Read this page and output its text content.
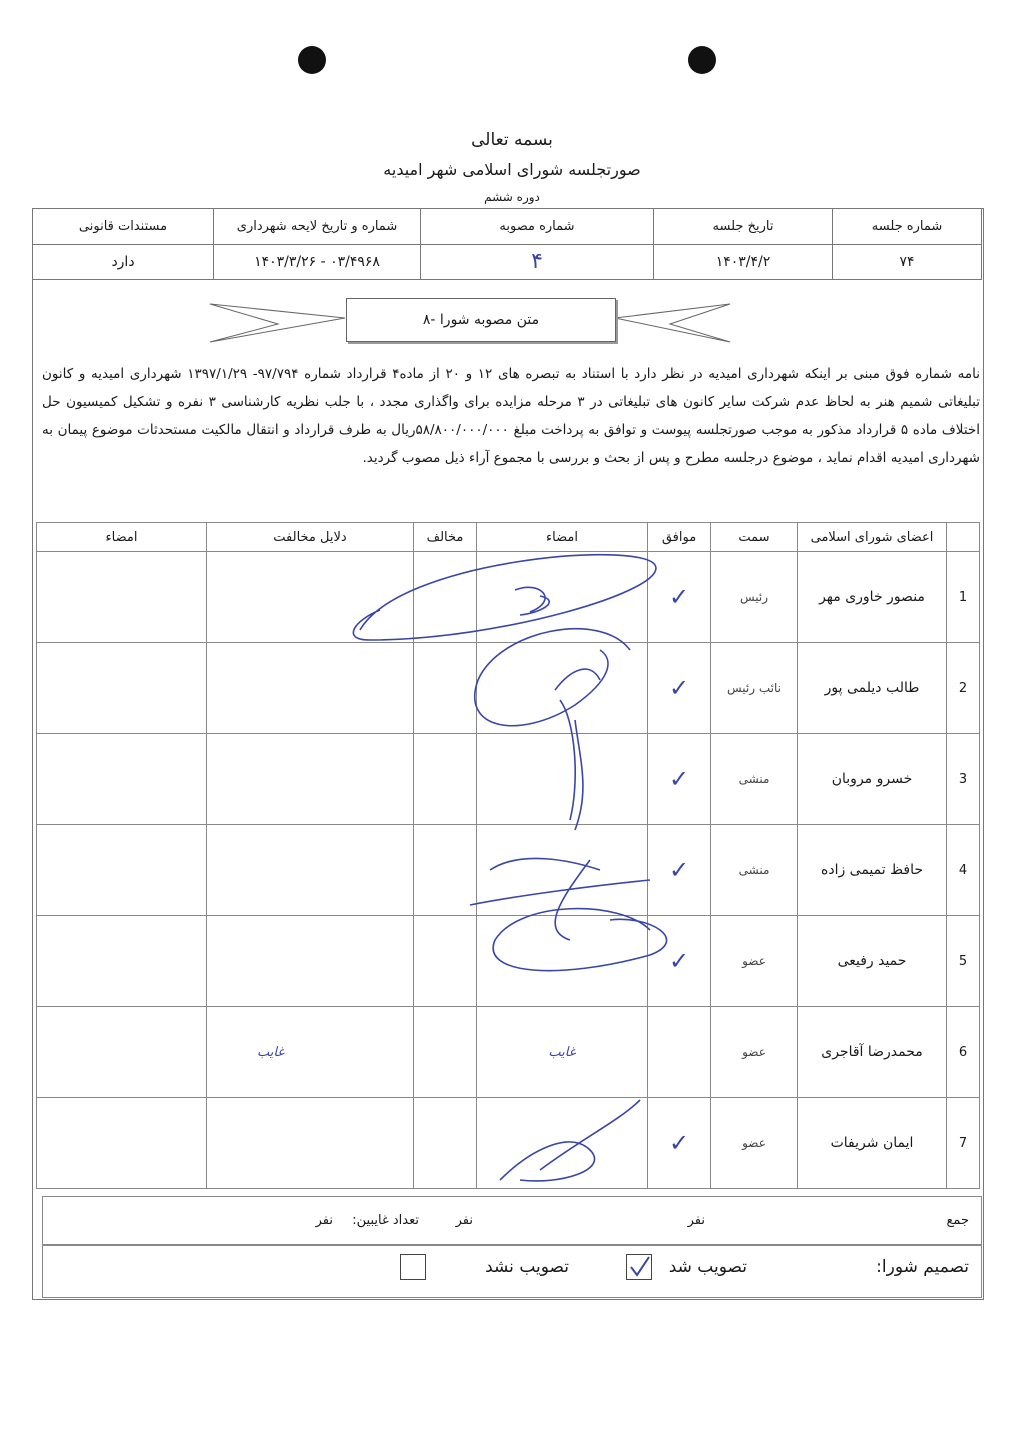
بسمه تعالی
صورتجلسه شورای اسلامی شهر امیدیه
دوره ششم
مستندات قانونی	شماره و تاریخ لایحه شهرداری	شماره مصوبه	تاریخ جلسه	شماره جلسه
دارد	۱۴۰۳/۳/۲۶ - ۰۳/۴۹۶۸	۴	۱۴۰۳/۴/۲	۷۴
۸- متن مصوبه شورا
نامه شماره فوق مبنی بر اینکه شهرداری امیدیه در نظر دارد با استناد به تبصره های ۱۲ و ۲۰ از ماده۴ قرارداد شماره ۹۷/۷۹۴- ۱۳۹۷/۱/۲۹ شهرداری امیدیه و کانون تبلیغاتی شمیم هنر به لحاظ عدم شرکت سایر کانون های تبلیغاتی در ۳ مرحله مزایده برای واگذاری مجدد ، با جلب نظریه کارشناسی ۳ نفره و تشکیل کمیسیون حل اختلاف ماده ۵ قرارداد مذکور به موجب صورتجلسه پیوست و توافق به پرداخت مبلغ ۵۸/۸۰۰/۰۰۰/۰۰۰ریال به طرف قرارداد و انتقال مالکیت مستحدثات موضوع پیمان به شهرداری امیدیه اقدام نماید ، موضوع درجلسه مطرح و پس از بحث و بررسی با مجموع آراء ذیل مصوب گردید.
	اعضای شورای اسلامی	سمت	موافق	امضاء	مخالف	دلایل مخالفت	امضاء
1	منصور خاوری مهر	رئیس	✓				
2	طالب دیلمی پور	نائب رئیس	✓				
3	خسرو مروبان	منشی	✓				
4	حافظ تمیمی زاده	منشی	✓				
5	حمید رفیعی	عضو	✓				
6	محمدرضا آقاجری	عضو		غایب		غایب	
7	ایمان شریفات	عضو	✓				
جمع
نفر
نفر
تعداد غایبین:
نفر
تصمیم شورا:
تصویب شد
تصویب نشد
